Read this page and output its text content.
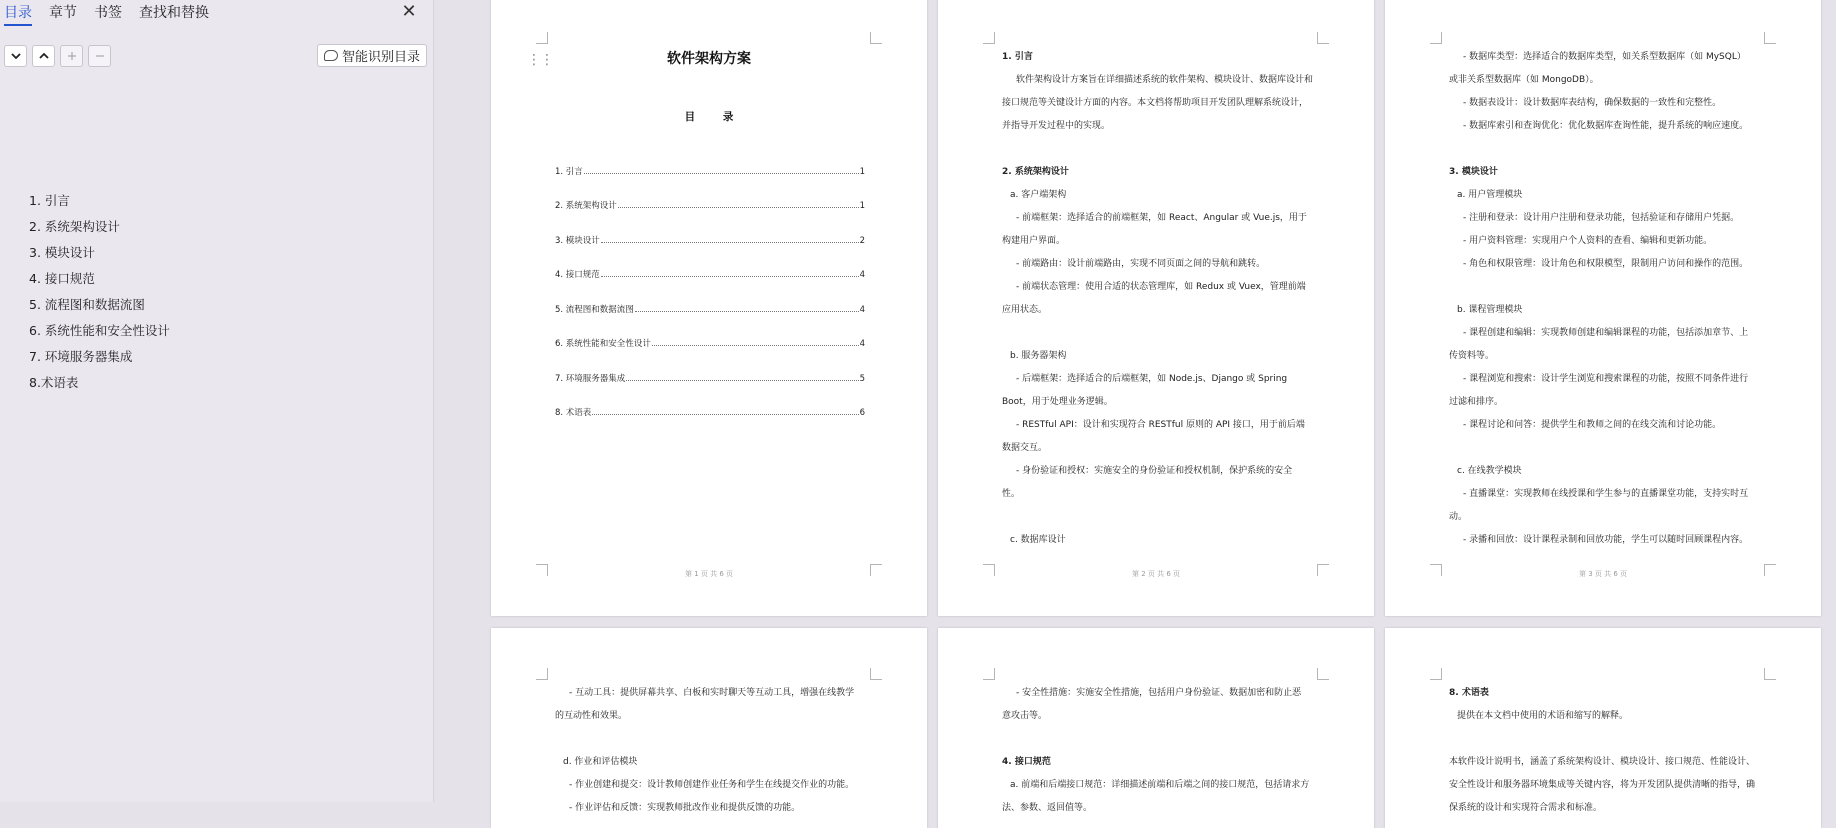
目录 章节 书签 查找和替换	✕
智能识别目录
1. 引言
2. 系统架构设计
3. 模块设计
4. 接口规范
5. 流程图和数据流图
6. 系统性能和安全性设计
7. 环境服务器集成
8.术语表
⋮⋮	软件架构方案
目 录
1. 引言	1
2. 系统架构设计	1
3. 模块设计	2
4. 接口规范	4
5. 流程图和数据流图	4
6. 系统性能和安全性设计	4
7. 环境服务器集成	5
8. 术语表	6
第 1 页 共 6 页
1. 引言
软件架构设计方案旨在详细描述系统的软件架构、模块设计、数据库设计和
接口规范等关键设计方面的内容。本文档将帮助项目开发团队理解系统设计，
并指导开发过程中的实现。
2. 系统架构设计
a. 客户端架构
- 前端框架：选择适合的前端框架，如 React、Angular 或 Vue.js，用于
构建用户界面。
- 前端路由：设计前端路由，实现不同页面之间的导航和跳转。
- 前端状态管理：使用合适的状态管理库，如 Redux 或 Vuex，管理前端
应用状态。
b. 服务器架构
- 后端框架：选择适合的后端框架，如 Node.js、Django 或 Spring
Boot，用于处理业务逻辑。
- RESTful API：设计和实现符合 RESTful 原则的 API 接口，用于前后端
数据交互。
- 身份验证和授权：实施安全的身份验证和授权机制，保护系统的安全
性。
c. 数据库设计
第 2 页 共 6 页
- 数据库类型：选择适合的数据库类型，如关系型数据库（如 MySQL）
或非关系型数据库（如 MongoDB）。
- 数据表设计：设计数据库表结构，确保数据的一致性和完整性。
- 数据库索引和查询优化：优化数据库查询性能，提升系统的响应速度。
3. 模块设计
a. 用户管理模块
- 注册和登录：设计用户注册和登录功能，包括验证和存储用户凭据。
- 用户资料管理：实现用户个人资料的查看、编辑和更新功能。
- 角色和权限管理：设计角色和权限模型，限制用户访问和操作的范围。
b. 课程管理模块
- 课程创建和编辑：实现教师创建和编辑课程的功能，包括添加章节、上
传资料等。
- 课程浏览和搜索：设计学生浏览和搜索课程的功能，按照不同条件进行
过滤和排序。
- 课程讨论和问答：提供学生和教师之间的在线交流和讨论功能。
c. 在线教学模块
- 直播课堂：实现教师在线授课和学生参与的直播课堂功能，支持实时互
动。
- 录播和回放：设计课程录制和回放功能，学生可以随时回顾课程内容。
第 3 页 共 6 页
- 互动工具：提供屏幕共享、白板和实时聊天等互动工具，增强在线教学
的互动性和效果。
d. 作业和评估模块
- 作业创建和提交：设计教师创建作业任务和学生在线提交作业的功能。
- 作业评估和反馈：实现教师批改作业和提供反馈的功能。
- 安全性措施：实施安全性措施，包括用户身份验证、数据加密和防止恶
意攻击等。
4. 接口规范
a. 前端和后端接口规范：详细描述前端和后端之间的接口规范，包括请求方
法、参数、返回值等。
8. 术语表
提供在本文档中使用的术语和缩写的解释。
本软件设计说明书，涵盖了系统架构设计、模块设计、接口规范、性能设计、
安全性设计和服务器环境集成等关键内容，将为开发团队提供清晰的指导，确
保系统的设计和实现符合需求和标准。
